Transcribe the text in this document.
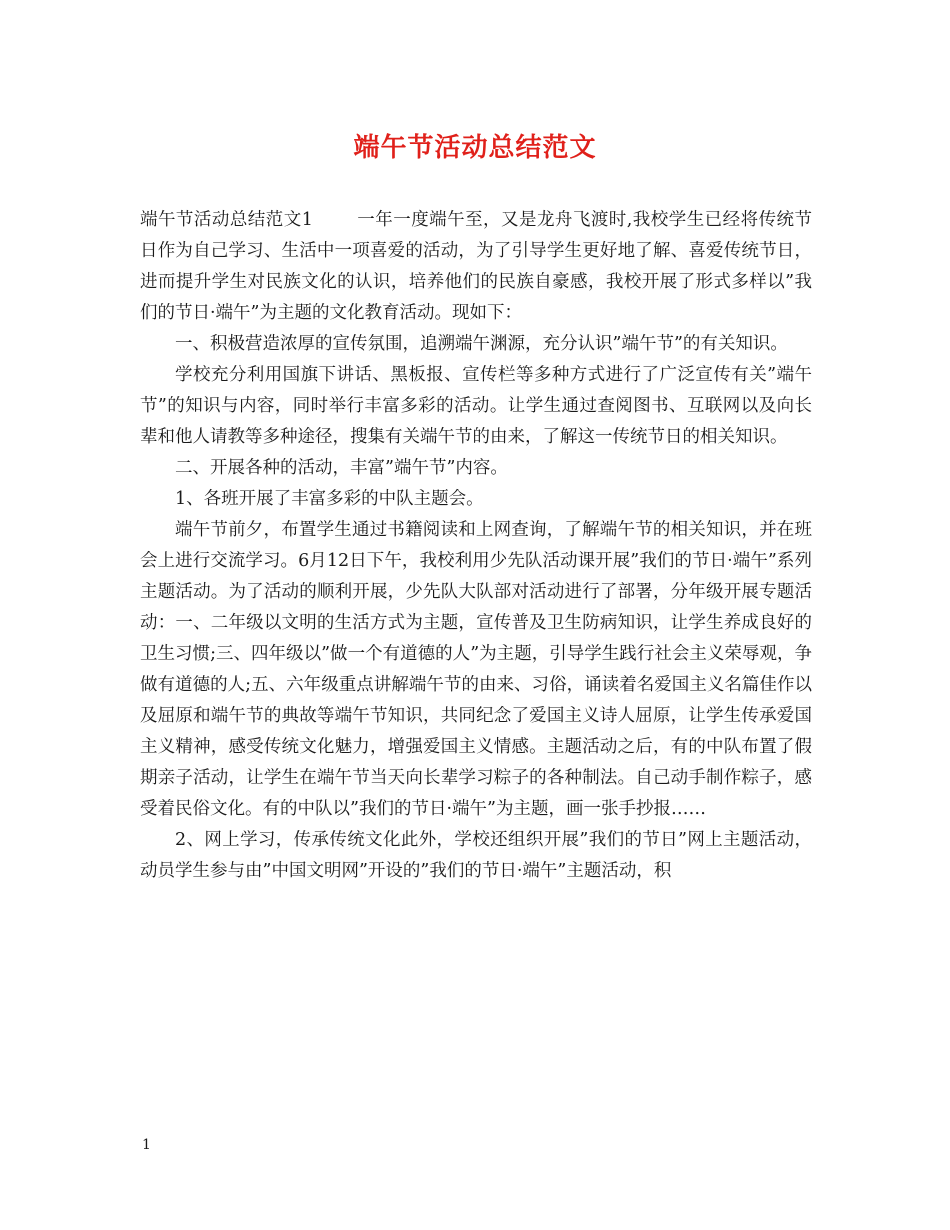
端午节活动总结范文

端午节活动总结范文1	一年一度端午至，又是龙舟飞渡时,我校学生已经将传统节日作为自己学习、生活中一项喜爱的活动，为了引导学生更好地了解、喜爱传统节日，进而提升学生对民族文化的认识，培养他们的民族自豪感，我校开展了形式多样以”我们的节日·端午”为主题的文化教育活动。现如下：

一、积极营造浓厚的宣传氛围，追溯端午渊源，充分认识”端午节”的有关知识。

学校充分利用国旗下讲话、黑板报、宣传栏等多种方式进行了广泛宣传有关”端午节”的知识与内容，同时举行丰富多彩的活动。让学生通过查阅图书、互联网以及向长辈和他人请教等多种途径，搜集有关端午节的由来，了解这一传统节日的相关知识。

二、开展各种的活动，丰富”端午节”内容。

1、各班开展了丰富多彩的中队主题会。

端午节前夕，布置学生通过书籍阅读和上网查询，了解端午节的相关知识，并在班会上进行交流学习。6月12日下午，我校利用少先队活动课开展”我们的节日·端午”系列主题活动。为了活动的顺利开展，少先队大队部对活动进行了部署，分年级开展专题活动：一、二年级以文明的生活方式为主题，宣传普及卫生防病知识，让学生养成良好的卫生习惯;三、四年级以”做一个有道德的人”为主题，引导学生践行社会主义荣辱观，争做有道德的人;五、六年级重点讲解端午节的由来、习俗，诵读着名爱国主义名篇佳作以及屈原和端午节的典故等端午节知识，共同纪念了爱国主义诗人屈原，让学生传承爱国主义精神，感受传统文化魅力，增强爱国主义情感。主题活动之后，有的中队布置了假期亲子活动，让学生在端午节当天向长辈学习粽子的各种制法。自己动手制作粽子，感受着民俗文化。有的中队以”我们的节日·端午”为主题，画一张手抄报……

2、网上学习，传承传统文化此外，学校还组织开展”我们的节日”网上主题活动，动员学生参与由”中国文明网”开设的”我们的节日·端午”主题活动，积

1
